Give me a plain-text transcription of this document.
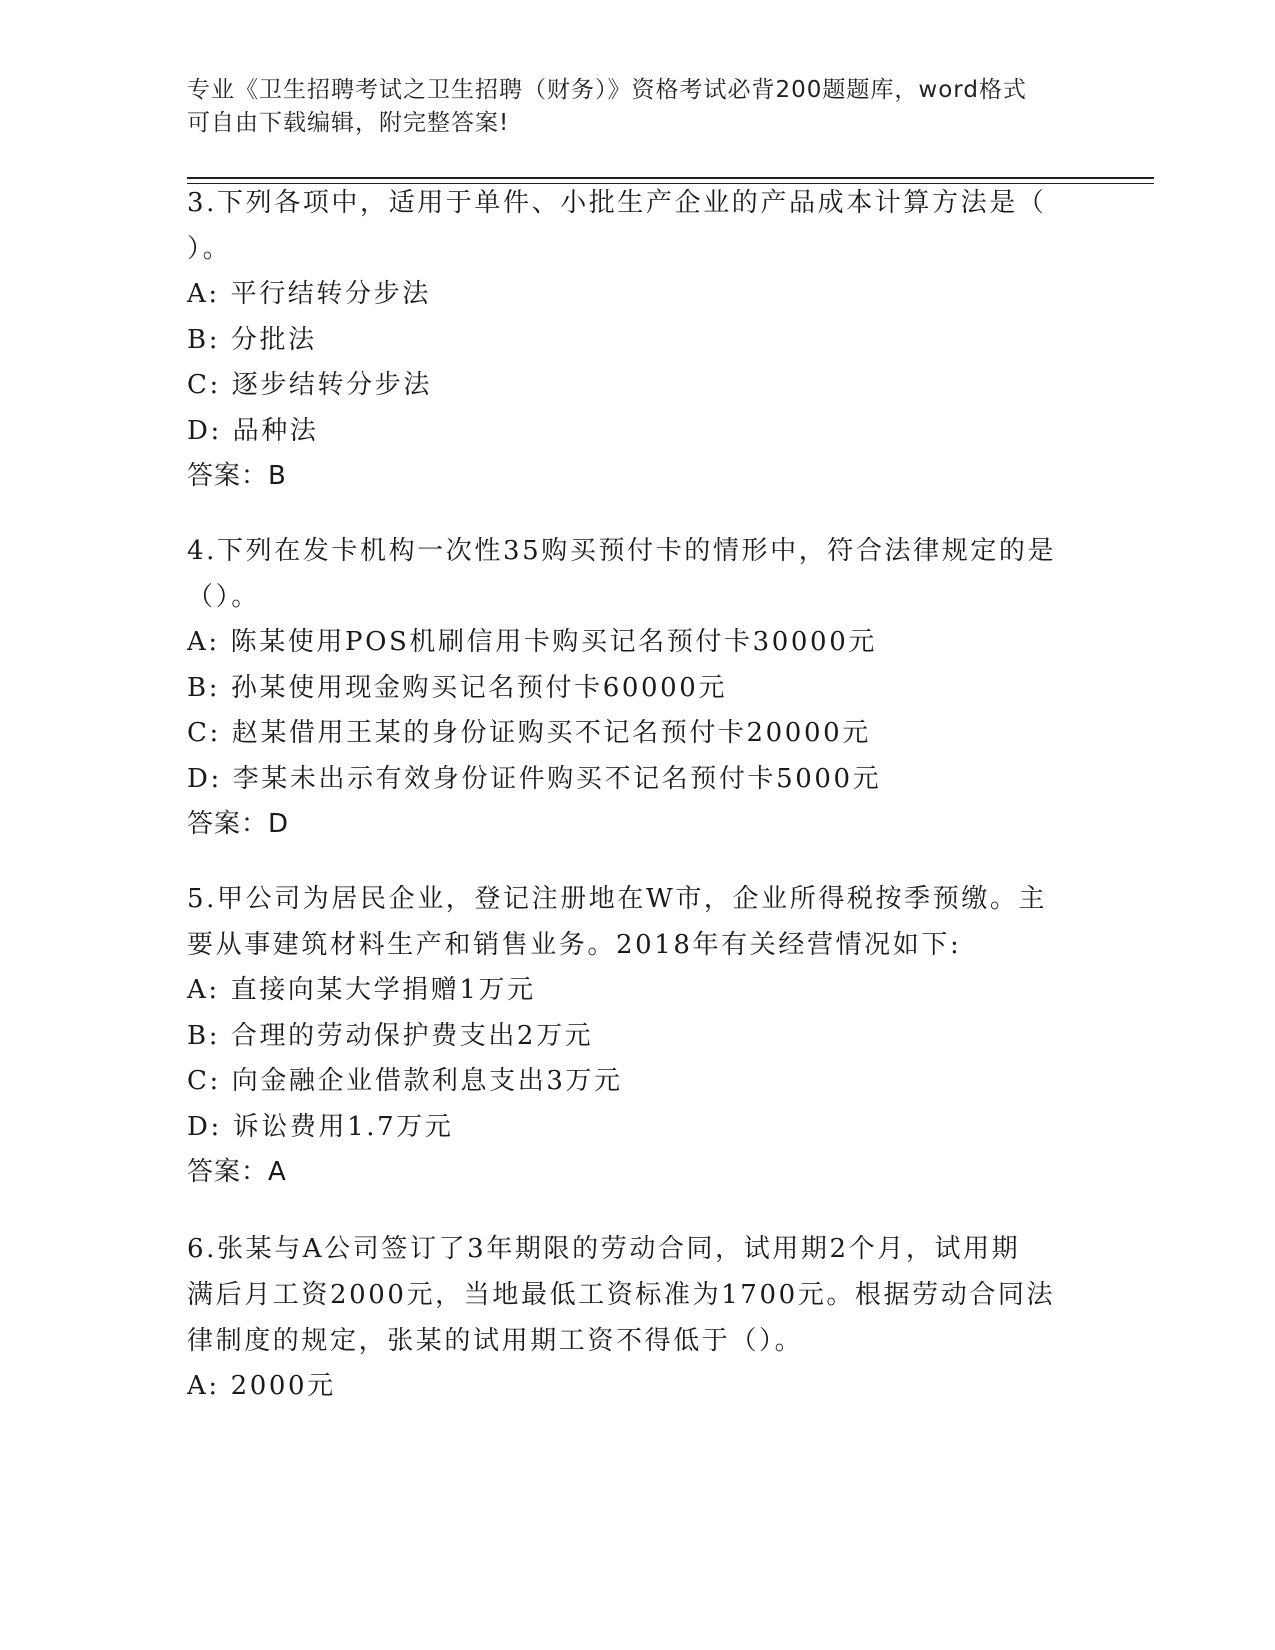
专业《卫生招聘考试之卫生招聘（财务）》资格考试必背200题题库，word格式
可自由下载编辑，附完整答案!
3.下列各项中，适用于单件、小批生产企业的产品成本计算方法是（
）。
A: 平行结转分步法
B: 分批法
C: 逐步结转分步法
D: 品种法
答案：B
4.下列在发卡机构一次性35购买预付卡的情形中，符合法律规定的是
（）。
A: 陈某使用POS机刷信用卡购买记名预付卡30000元
B: 孙某使用现金购买记名预付卡60000元
C: 赵某借用王某的身份证购买不记名预付卡20000元
D: 李某未出示有效身份证件购买不记名预付卡5000元
答案：D
5.甲公司为居民企业，登记注册地在W市，企业所得税按季预缴。主
要从事建筑材料生产和销售业务。2018年有关经营情况如下:
A: 直接向某大学捐赠1万元
B: 合理的劳动保护费支出2万元
C: 向金融企业借款利息支出3万元
D: 诉讼费用1.7万元
答案：A
6.张某与A公司签订了3年期限的劳动合同，试用期2个月，试用期
满后月工资2000元，当地最低工资标准为1700元。根据劳动合同法
律制度的规定，张某的试用期工资不得低于（）。
A: 2000元
